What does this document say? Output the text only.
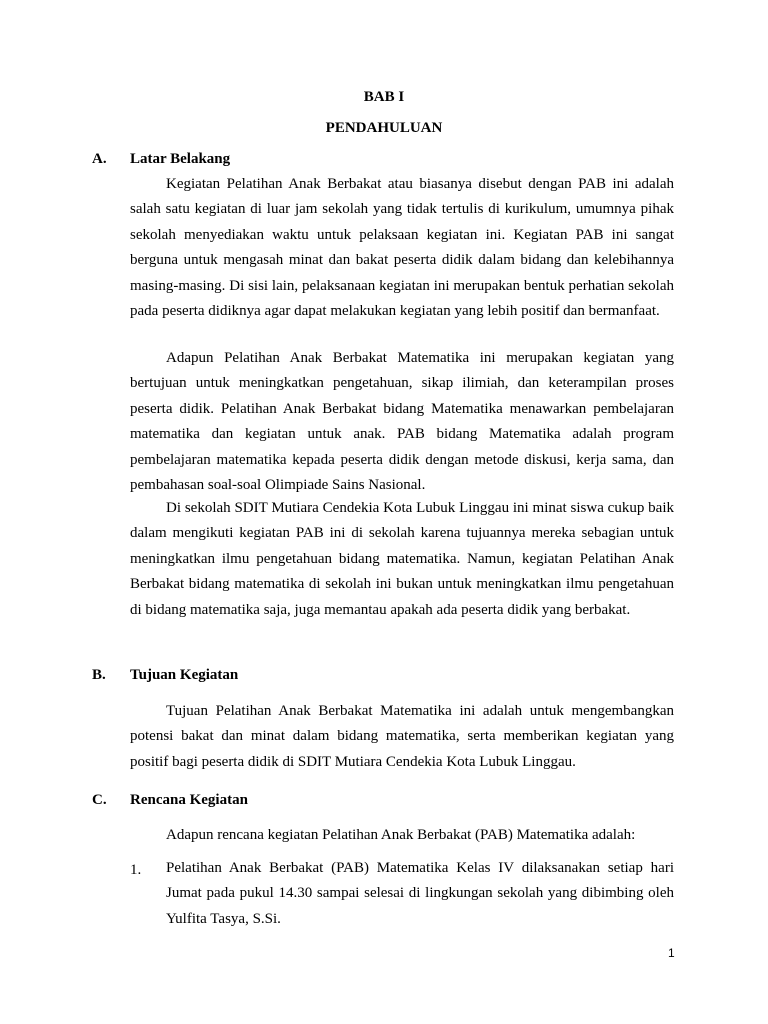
BAB I
PENDAHULUAN
A. Latar Belakang

Kegiatan Pelatihan Anak Berbakat atau biasanya disebut dengan PAB ini adalah salah satu kegiatan di luar jam sekolah yang tidak tertulis di kurikulum, umumnya pihak sekolah menyediakan waktu untuk pelaksaan kegiatan ini. Kegiatan PAB ini sangat berguna untuk mengasah minat dan bakat peserta didik dalam bidang dan kelebihannya masing-masing. Di sisi lain, pelaksanaan kegiatan ini merupakan bentuk perhatian sekolah pada peserta didiknya agar dapat melakukan kegiatan yang lebih positif dan bermanfaat.

Adapun Pelatihan Anak Berbakat Matematika ini merupakan kegiatan yang bertujuan untuk meningkatkan pengetahuan, sikap ilimiah, dan keterampilan proses peserta didik. Pelatihan Anak Berbakat bidang Matematika menawarkan pembelajaran matematika dan kegiatan untuk anak. PAB bidang Matematika adalah program pembelajaran matematika kepada peserta didik dengan metode diskusi, kerja sama, dan pembahasan soal-soal Olimpiade Sains Nasional.

Di sekolah SDIT Mutiara Cendekia Kota Lubuk Linggau ini minat siswa cukup baik dalam mengikuti kegiatan PAB ini di sekolah karena tujuannya mereka sebagian untuk meningkatkan ilmu pengetahuan bidang matematika. Namun, kegiatan Pelatihan Anak Berbakat bidang matematika di sekolah ini bukan untuk meningkatkan ilmu pengetahuan di bidang matematika saja, juga memantau apakah ada peserta didik yang berbakat.

B. Tujuan Kegiatan

Tujuan Pelatihan Anak Berbakat Matematika ini adalah untuk mengembangkan potensi bakat dan minat dalam bidang matematika, serta memberikan kegiatan yang positif bagi peserta didik di SDIT Mutiara Cendekia Kota Lubuk Linggau.

C. Rencana Kegiatan

Adapun rencana kegiatan Pelatihan Anak Berbakat (PAB) Matematika adalah:

1. Pelatihan Anak Berbakat (PAB) Matematika Kelas IV dilaksanakan setiap hari Jumat pada pukul 14.30 sampai selesai di lingkungan sekolah yang dibimbing oleh Yulfita Tasya, S.Si.

1
